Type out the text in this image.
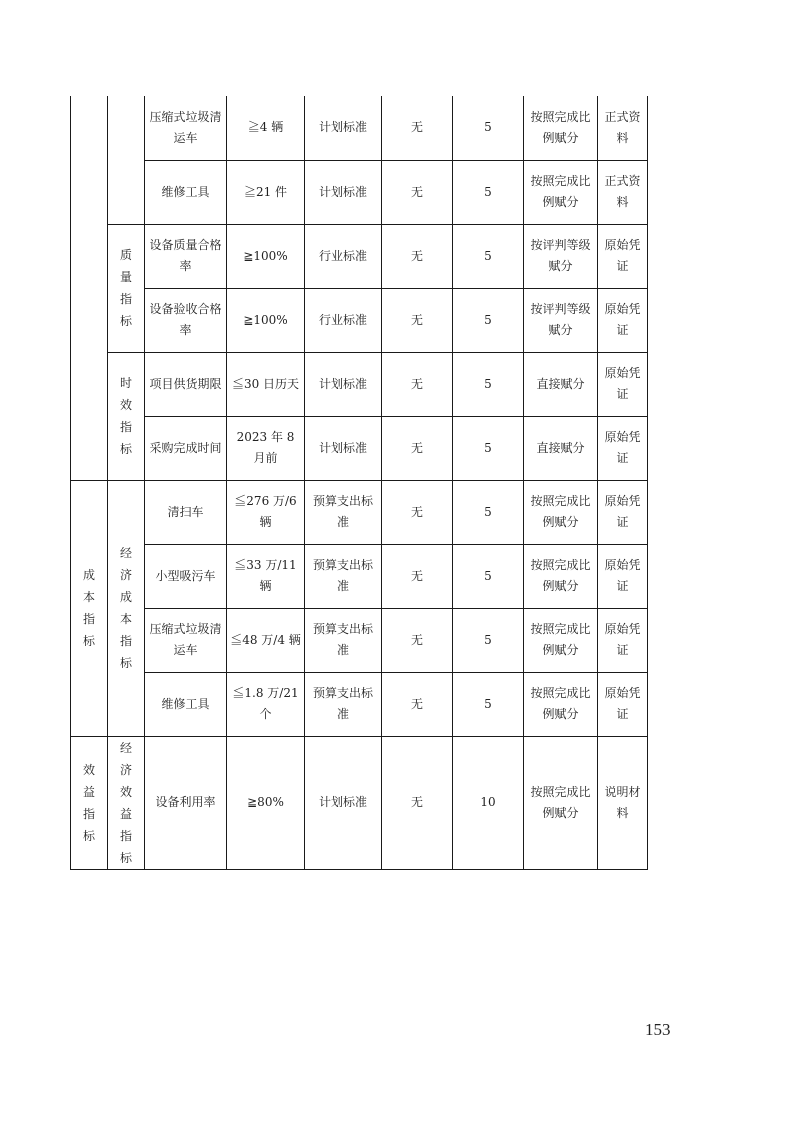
		压缩式垃圾清运车	≧4 辆	计划标准	无	5	按照完成比例赋分	正式资料
		维修工具	≧21 件	计划标准	无	5	按照完成比例赋分	正式资料
	质量指标	设备质量合格率	≧100%	行业标准	无	5	按评判等级赋分	原始凭证
		设备验收合格率	≧100%	行业标准	无	5	按评判等级赋分	原始凭证
	时效指标	项目供货期限	≦30 日历天	计划标准	无	5	直接赋分	原始凭证
		采购完成时间	2023 年 8 月前	计划标准	无	5	直接赋分	原始凭证
成本指标	经济成本指标	清扫车	≦276 万/6 辆	预算支出标准	无	5	按照完成比例赋分	原始凭证
		小型吸污车	≦33 万/11 辆	预算支出标准	无	5	按照完成比例赋分	原始凭证
		压缩式垃圾清运车	≦48 万/4 辆	预算支出标准	无	5	按照完成比例赋分	原始凭证
		维修工具	≦1.8 万/21 个	预算支出标准	无	5	按照完成比例赋分	原始凭证
效益指标	经济效益指标	设备利用率	≧80%	计划标准	无	10	按照完成比例赋分	说明材料
153
